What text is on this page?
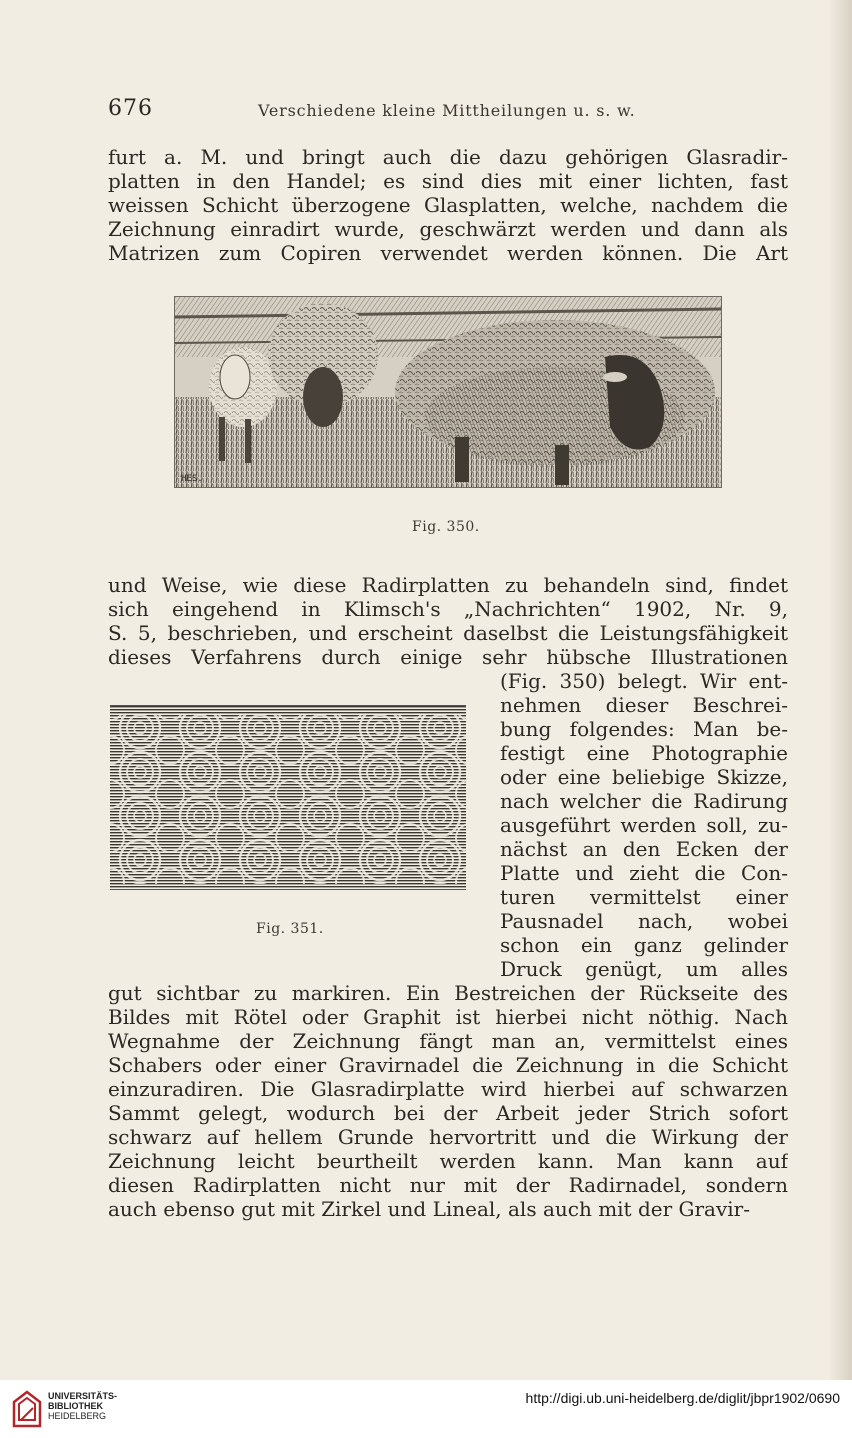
676	Verschiedene kleine Mittheilungen u. s. w.
furt a. M. und bringt auch die dazu gehörigen Glasradir-
platten in den Handel; es sind dies mit einer lichten, fast
weissen Schicht überzogene Glasplatten, welche, nachdem die
Zeichnung einradirt wurde, geschwärzt werden und dann als
Matrizen zum Copiren verwendet werden können. Die Art
HES.
Fig. 350.
und Weise, wie diese Radirplatten zu behandeln sind, findet
sich eingehend in Klimsch's „Nachrichten“ 1902, Nr. 9,
S. 5, beschrieben, und erscheint daselbst die Leistungsfähigkeit
dieses Verfahrens durch einige sehr hübsche Illustrationen
Fig. 351.
(Fig. 350) belegt. Wir ent-
nehmen dieser Beschrei-
bung folgendes: Man be-
festigt eine Photographie
oder eine beliebige Skizze,
nach welcher die Radirung
ausgeführt werden soll, zu-
nächst an den Ecken der
Platte und zieht die Con-
turen vermittelst einer
Pausnadel nach, wobei
schon ein ganz gelinder
Druck genügt, um alles
gut sichtbar zu markiren. Ein Bestreichen der Rückseite des
Bildes mit Rötel oder Graphit ist hierbei nicht nöthig. Nach
Wegnahme der Zeichnung fängt man an, vermittelst eines
Schabers oder einer Gravirnadel die Zeichnung in die Schicht
einzuradiren. Die Glasradirplatte wird hierbei auf schwarzen
Sammt gelegt, wodurch bei der Arbeit jeder Strich sofort
schwarz auf hellem Grunde hervortritt und die Wirkung der
Zeichnung leicht beurtheilt werden kann. Man kann auf
diesen Radirplatten nicht nur mit der Radirnadel, sondern
auch ebenso gut mit Zirkel und Lineal, als auch mit der Gravir-
UNIVERSITÄTS-
BIBLIOTHEK
HEIDELBERG
http://digi.ub.uni-heidelberg.de/diglit/jbpr1902/0690
